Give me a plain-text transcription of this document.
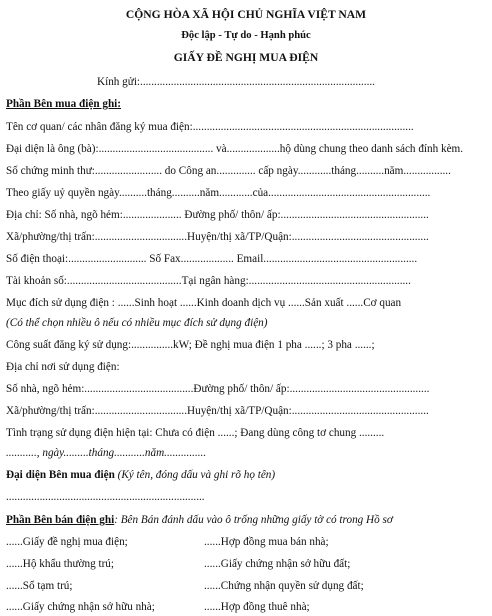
CỘNG HÒA XÃ HỘI CHỦ NGHĨA VIỆT NAM
Độc lập - Tự do - Hạnh phúc
GIẤY ĐỀ NGHỊ MUA ĐIỆN
Kính gửi:....................................................................................
Phần Bên mua điện ghi:
Tên cơ quan/ các nhân đăng ký mua điện:...............................................................................
Đại diện là ông (bà):......................................... và...................hộ dùng chung theo danh sách đính kèm.
Số chứng minh thư:........................ do Công an.............. cấp ngày............tháng..........năm.................
Theo giấy uỷ quyền ngày..........tháng..........năm............của..........................................................
Địa chỉ: Số nhà, ngõ hẻm:..................... Đường phố/ thôn/ ấp:.....................................................
Xã/phường/thị trấn:.................................Huyện/thị xã/TP/Quận:.................................................
Số điện thoại:............................ Số Fax................... Email.......................................................
Tài khoản số:.........................................Tại ngân hàng:..........................................................
Mục đích sử dụng điện : ......Sinh hoạt ......Kinh doanh dịch vụ ......Sản xuất ......Cơ quan
(Có thể chọn nhiều ô nếu có nhiều mục đích sử dụng điện)
Công suất đăng ký sử dụng:...............kW; Đề nghị mua điện 1 pha ......; 3 pha ......;
Địa chỉ nơi sử dụng điện:
Số nhà, ngõ hẻm:.......................................Đường phố/ thôn/ ấp:..................................................
Xã/phường/thị trấn:.................................Huyện/thị xã/TP/Quận:.................................................
Tình trạng sử dụng điện hiện tại: Chưa có điện ......; Đang dùng công tơ chung .........
..........., ngày.........tháng...........năm...............
Đại diện Bên mua điện (Ký tên, đóng dấu và ghi rõ họ tên)
.......................................................................
Phần Bên bán điện ghi: Bên Bán đánh dấu vào ô trống những giấy tờ có trong Hồ sơ
......Giấy đề nghị mua điện;
......Hộ khẩu thường trú;
......Sổ tạm trú;
......Giấy chứng nhận sở hữu nhà;
......Hợp đồng mua bán nhà;
......Giấy chứng nhận sở hữu đất;
......Chứng nhận quyền sử dụng đất;
......Hợp đồng thuê nhà;
